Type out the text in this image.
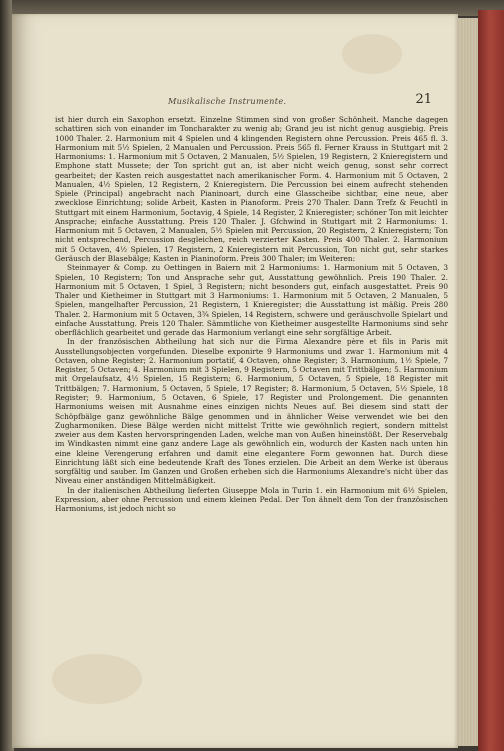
Musikalische Instrumente.	21

ist hier durch ein Saxophon ersetzt. Einzelne Stimmen sind von großer Schönheit. Manche dagegen schattiren sich von einander im Toncharakter zu wenig ab; Grand jeu ist nicht genug ausgiebig. Preis 1000 Thaler. 2. Harmonium mit 4 Spielen und 4 klingenden Registern ohne Percussion. Preis 465 fl. 3. Harmonium mit 5½ Spielen, 2 Manualen und Percussion. Preis 565 fl. Ferner Krauss in Stuttgart mit 2 Harmoniums: 1. Harmonium mit 5 Octaven, 2 Manualen, 5½ Spielen, 19 Registern, 2 Knieregistern und Emphone statt Mussete; der Ton spricht gut an, ist aber nicht weich genug, sonst sehr correct gearbeitet; der Kasten reich ausgestattet nach amerikanischer Form. 4. Harmonium mit 5 Octaven, 2 Manualen, 4½ Spielen, 12 Registern, 2 Knieregistern. Die Percussion bei einem aufrecht stehenden Spiele (Principal) angebracht nach Pianinoart, durch eine Glasscheibe sichtbar, eine neue, aber zwecklose Einrichtung; solide Arbeit, Kasten in Pianoform. Preis 270 Thaler. Dann Trefz & Feuchtl in Stuttgart mit einem Harmonium, 5octavig, 4 Spiele, 14 Register, 2 Knieregister; schöner Ton mit leichter Ansprache; einfache Ausstattung. Preis 120 Thaler. J. Gfchwind in Stuttgart mit 2 Harmoniums: 1. Harmonium mit 5 Octaven, 2 Manualen, 5½ Spielen mit Percussion, 20 Registern, 2 Knieregistern; Ton nicht entsprechend, Percussion desgleichen, reich verzierter Kasten. Preis 400 Thaler. 2. Harmonium mit 5 Octaven, 4½ Spielen, 17 Registern, 2 Knieregistern mit Percussion, Ton nicht gut, sehr starkes Geräusch der Blasebälge; Kasten in Pianinoform. Preis 300 Thaler; im Weiteren:

Steinmayer & Comp. zu Oettingen in Baiern mit 2 Harmoniums: 1. Harmonium mit 5 Octaven, 3 Spielen, 10 Registern; Ton und Ansprache sehr gut, Ausstattung gewöhnlich. Preis 190 Thaler. 2. Harmonium mit 5 Octaven, 1 Spiel, 3 Registern; nicht besonders gut, einfach ausgestattet. Preis 90 Thaler und Kietheimer in Stuttgart mit 3 Harmoniums: 1. Harmonium mit 5 Octaven, 2 Manualen, 5 Spielen, mangelhafter Percussion, 21 Registern, 1 Knieregister; die Ausstattung ist mäßig. Preis 280 Thaler. 2. Harmonium mit 5 Octaven, 3¾ Spielen, 14 Registern, schwere und geräuschvolle Spielart und einfache Ausstattung. Preis 120 Thaler. Sämmtliche von Kietheimer ausgestellte Harmoniums sind sehr oberflächlich gearbeitet und gerade das Harmonium verlangt eine sehr sorgfältige Arbeit.

In der französischen Abtheilung hat sich nur die Firma Alexandre père et fils in Paris mit Ausstellungsobjecten vorgefunden. Dieselbe exponirte 9 Harmoniums und zwar 1. Harmonium mit 4 Octaven, ohne Register; 2. Harmonium portatif, 4 Octaven, ohne Register; 3. Harmonium, 1½ Spiele, 7 Register, 5 Octaven; 4. Harmonium mit 3 Spielen, 9 Registern, 5 Octaven mit Trittbälgen; 5. Harmonium mit Orgelaufsatz, 4½ Spielen, 15 Registern; 6. Harmonium, 5 Octaven, 5 Spiele, 18 Register mit Trittbälgen; 7. Harmonium, 5 Octaven, 5 Spiele, 17 Register; 8. Harmonium, 5 Octaven, 5½ Spiele, 18 Register; 9. Harmonium, 5 Octaven, 6 Spiele, 17 Register und Prolongement. Die genannten Harmoniums weisen mit Ausnahme eines einzigen nichts Neues auf. Bei diesem sind statt der Schöpfbälge ganz gewöhnliche Bälge genommen und in ähnlicher Weise verwendet wie bei den Zugharmoniken. Diese Bälge werden nicht mittelst Tritte wie gewöhnlich regiert, sondern mittelst zweier aus dem Kasten hervorspringenden Laden, welche man von Außen hineinstößt. Der Reservebalg im Windkasten nimmt eine ganz andere Lage als gewöhnlich ein, wodurch der Kasten nach unten hin eine kleine Verengerung erfahren und damit eine elegantere Form gewonnen hat. Durch diese Einrichtung läßt sich eine bedeutende Kraft des Tones erzielen. Die Arbeit an dem Werke ist überaus sorgfältig und sauber. Im Ganzen und Großen erheben sich die Harmoniums Alexandre's nicht über das Niveau einer anständigen Mittelmäßigkeit.

In der italienischen Abtheilung lieferten Giuseppe Mola in Turin 1. ein Harmonium mit 6½ Spielen, Expression, aber ohne Percussion und einem kleinen Pedal. Der Ton ähnelt dem Ton der französischen Harmoniums, ist jedoch nicht so
